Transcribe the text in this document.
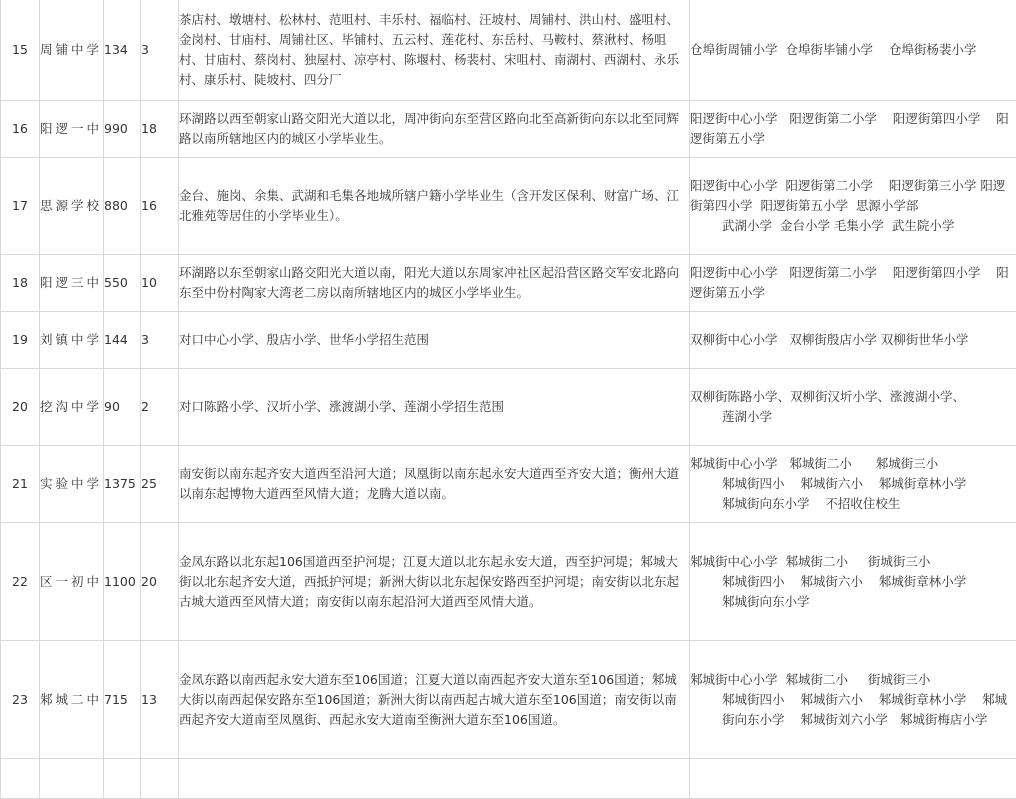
15	周铺中学	134	3	茶店村、墩塘村、松林村、范咀村、丰乐村、福临村、汪坡村、周铺村、洪山村、盛咀村、金岗村、甘庙村、周铺社区、毕铺村、五云村、莲花村、东岳村、马鞍村、蔡湫村、杨咀村、甘庙村、蔡岗村、独屋村、凉亭村、陈堰村、杨裴村、宋咀村、南湖村、西湖村、永乐村、康乐村、陡坡村、四分厂	仓埠街周铺小学  仓埠街毕铺小学    仓埠街杨裴小学

16	阳逻一中	990	18	环湖路以西至朝家山路交阳光大道以北，周冲街向东至营区路向北至高新街向东以北至同辉路以南所辖地区内的城区小学毕业生。	阳逻街中心小学   阳逻街第二小学    阳逻街第四小学    阳逻街第五小学

17	思源学校	880	16	金台、施岗、余集、武湖和毛集各地城所辖户籍小学毕业生（含开发区保利、财富广场、江北雅苑等居住的小学毕业生）。	阳逻街中心小学  阳逻街第二小学    阳逻街第三小学 阳逻街第四小学  阳逻街第五小学  思源小学部
武湖小学  金台小学 毛集小学  武生院小学

18	阳逻三中	550	10	环湖路以东至朝家山路交阳光大道以南，阳光大道以东周家冲社区起沿营区路交军安北路向东至中份村陶家大湾老二房以南所辖地区内的城区小学毕业生。	阳逻街中心小学   阳逻街第二小学    阳逻街第四小学    阳逻街第五小学

19	刘镇中学	144	3	对口中心小学、殷店小学、世华小学招生范围	双柳街中心小学   双柳街殷店小学 双柳街世华小学

20	挖沟中学	90	2	对口陈路小学、汉圻小学、涨渡湖小学、莲湖小学招生范围	双柳街陈路小学、双柳街汉圻小学、涨渡湖小学、
莲湖小学

21	实验中学	1375	25	南安街以南东起齐安大道西至沿河大道；凤凰街以南东起永安大道西至齐安大道；衡州大道以南东起博物大道西至风情大道；龙腾大道以南。	邾城街中心小学   邾城街二小      邾城街三小
邾城街四小    邾城街六小    邾城街章林小学
邾城街向东小学    不招收住校生

22	区一初中	1100	20	金凤东路以北东起106国道西至护河堤；江夏大道以北东起永安大道，西至护河堤；邾城大街以北东起齐安大道，西抵护河堤；新洲大街以北东起保安路西至护河堤；南安街以北东起古城大道西至风情大道；南安街以南东起沿河大道西至风情大道。	邾城街中心小学  邾城街二小     街城街三小
邾城街四小    邾城街六小    邾城街章林小学
邾城街向东小学

23	邾城二中	715	13	金凤东路以南西起永安大道东至106国道；江夏大道以南西起齐安大道东至106国道；邾城大街以南西起保安路东至106国道；新洲大街以南西起古城大道东至106国道；南安街以南西起齐安大道南至凤凰街、西起永安大道南至衡洲大道东至106国道。	邾城街中心小学  邾城街二小     街城街三小
邾城街四小    邾城街六小    邾城街章林小学    邾城街向东小学    邾城街刘六小学   邾城街梅店小学
